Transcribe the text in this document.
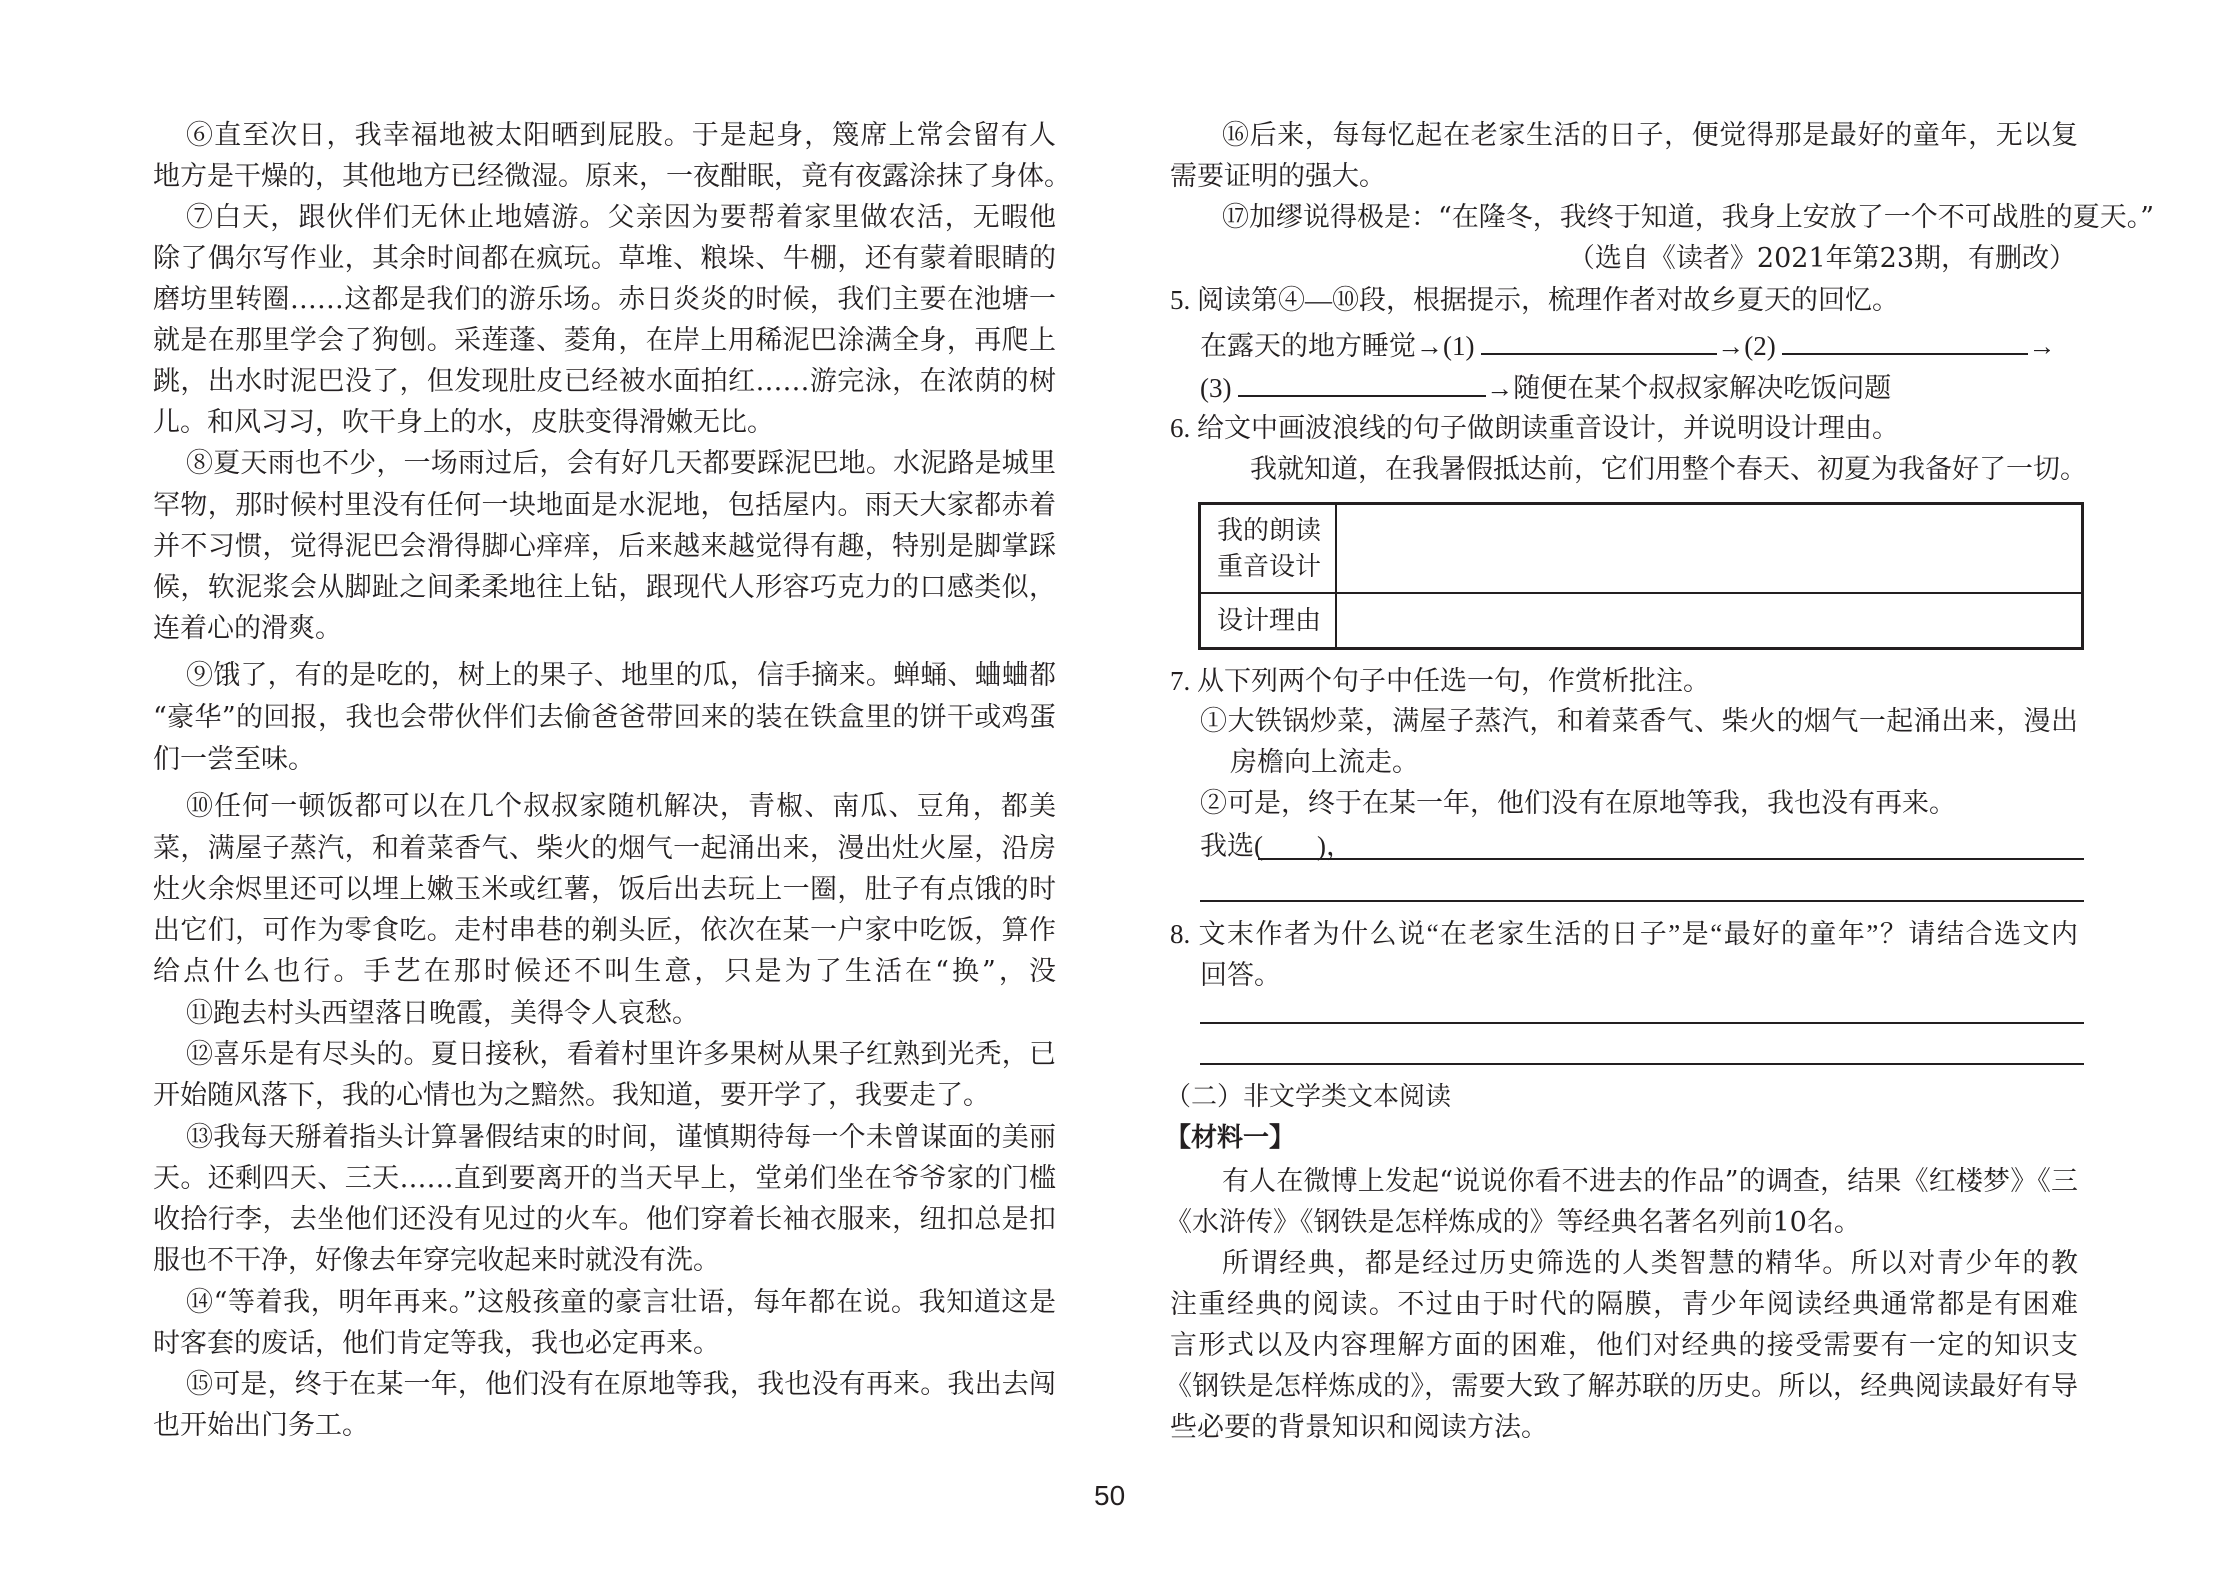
⑥直至次日，我幸福地被太阳晒到屁股。于是起身，篾席上常会留有人
地方是干燥的，其他地方已经微湿。原来，一夜酣眠，竟有夜露涂抹了身体。
⑦白天，跟伙伴们无休止地嬉游。父亲因为要帮着家里做农活，无暇他
除了偶尔写作业，其余时间都在疯玩。草堆、粮垛、牛棚，还有蒙着眼睛的
磨坊里转圈……这都是我们的游乐场。赤日炎炎的时候，我们主要在池塘一
就是在那里学会了狗刨。采莲蓬、菱角，在岸上用稀泥巴涂满全身，再爬上
跳，出水时泥巴没了，但发现肚皮已经被水面拍红……游完泳，在浓荫的树
儿。和风习习，吹干身上的水，皮肤变得滑嫩无比。
⑧夏天雨也不少，一场雨过后，会有好几天都要踩泥巴地。水泥路是城里
罕物，那时候村里没有任何一块地面是水泥地，包括屋内。雨天大家都赤着
并不习惯，觉得泥巴会滑得脚心痒痒，后来越来越觉得有趣，特别是脚掌踩
候，软泥浆会从脚趾之间柔柔地往上钻，跟现代人形容巧克力的口感类似，
连着心的滑爽。
⑨饿了，有的是吃的，树上的果子、地里的瓜，信手摘来。蝉蛹、蛐蛐都
“豪华”的回报，我也会带伙伴们去偷爸爸带回来的装在铁盒里的饼干或鸡蛋
们一尝至味。
⑩任何一顿饭都可以在几个叔叔家随机解决，青椒、南瓜、豆角，都美
菜，满屋子蒸汽，和着菜香气、柴火的烟气一起涌出来，漫出灶火屋，沿房
灶火余烬里还可以埋上嫩玉米或红薯，饭后出去玩上一圈，肚子有点饿的时
出它们，可作为零食吃。走村串巷的剃头匠，依次在某一户家中吃饭，算作
给点什么也行。手艺在那时候还不叫生意，只是为了生活在“换”，没
⑪跑去村头西望落日晚霞，美得令人哀愁。
⑫喜乐是有尽头的。夏日接秋，看着村里许多果树从果子红熟到光秃，已
开始随风落下，我的心情也为之黯然。我知道，要开学了，我要走了。
⑬我每天掰着指头计算暑假结束的时间，谨慎期待每一个未曾谋面的美丽
天。还剩四天、三天……直到要离开的当天早上，堂弟们坐在爷爷家的门槛
收拾行李，去坐他们还没有见过的火车。他们穿着长袖衣服来，纽扣总是扣
服也不干净，好像去年穿完收起来时就没有洗。
⑭“等着我，明年再来。”这般孩童的豪言壮语，每年都在说。我知道这是
时客套的废话，他们肯定等我，我也必定再来。
⑮可是，终于在某一年，他们没有在原地等我，我也没有再来。我出去闯
也开始出门务工。
⑯后来，每每忆起在老家生活的日子，便觉得那是最好的童年，无以复
需要证明的强大。
⑰加缪说得极是：“在隆冬，我终于知道，我身上安放了一个不可战胜的夏天。”
（选自《读者》2021年第23期，有删改）
5. 阅读第④—⑩段，根据提示，梳理作者对故乡夏天的回忆。
在露天的地方睡觉→(1)	→(2)	→
(3)	→随便在某个叔叔家解决吃饭问题
6. 给文中画波浪线的句子做朗读重音设计，并说明设计理由。
我就知道，在我暑假抵达前，它们用整个春天、初夏为我备好了一切。
我的朗读
重音设计
设计理由
7. 从下列两个句子中任选一句，作赏析批注。
①大铁锅炒菜，满屋子蒸汽，和着菜香气、柴火的烟气一起涌出来，漫出
房檐向上流走。
②可是，终于在某一年，他们没有在原地等我，我也没有再来。
我选(　　)，
8. 文末作者为什么说“在老家生活的日子”是“最好的童年”？请结合选文内
回答。
（二）非文学类文本阅读
【材料一】
有人在微博上发起“说说你看不进去的作品”的调查，结果《红楼梦》《三
《水浒传》《钢铁是怎样炼成的》等经典名著名列前10名。
所谓经典，都是经过历史筛选的人类智慧的精华。所以对青少年的教
注重经典的阅读。不过由于时代的隔膜，青少年阅读经典通常都是有困难
言形式以及内容理解方面的困难，他们对经典的接受需要有一定的知识支
《钢铁是怎样炼成的》，需要大致了解苏联的历史。所以，经典阅读最好有导
些必要的背景知识和阅读方法。
50
